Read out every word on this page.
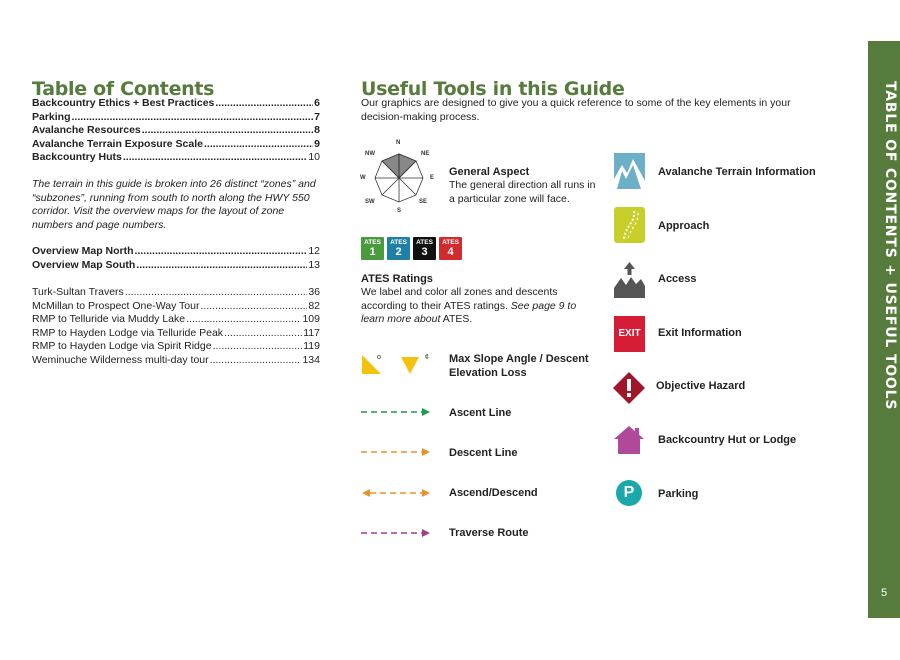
TABLE OF CONTENTS + USEFUL TOOLS
5
Table of Contents
Backcountry Ethics + Best Practices .....	6
Parking .....	7
Avalanche Resources .....	8
Avalanche Terrain Exposure Scale .....	9
Backcountry Huts .....	10
The terrain in this guide is broken into 26 distinct “zones” and “subzones”, running from south to north along the HWY 550 corridor. Visit the overview maps for the layout of zone numbers and page numbers.
Overview Map North .....	12
Overview Map South .....	13
Turk-Sultan Travers .....	36
McMillan to Prospect One-Way Tour .....	82
RMP to Telluride via Muddy Lake .....	109
RMP to Hayden Lodge via Telluride Peak .....	117
RMP to Hayden Lodge via Spirit Ridge .....	119
Weminuche Wilderness multi-day tour .....	134
Useful Tools in this Guide
Our graphics are designed to give you a quick reference to some of the key elements in your decision-making process.
N
NE
E
SE
S
SW
W
NW
General Aspect
The general direction all runs in a particular zone will face.
ATES
1
ATES
2
ATES
3
ATES
4
ATES Ratings
We label and color all zones and descents according to their ATES ratings. See page 9 to learn more about ATES.
o	¢ Max Slope Angle / Descent Elevation Loss
Ascent Line
Descent Line
Ascend/Descend
Traverse Route
Avalanche Terrain Information
Approach
Access
EXIT	Exit Information
Objective Hazard
Backcountry Hut or Lodge
P	Parking
